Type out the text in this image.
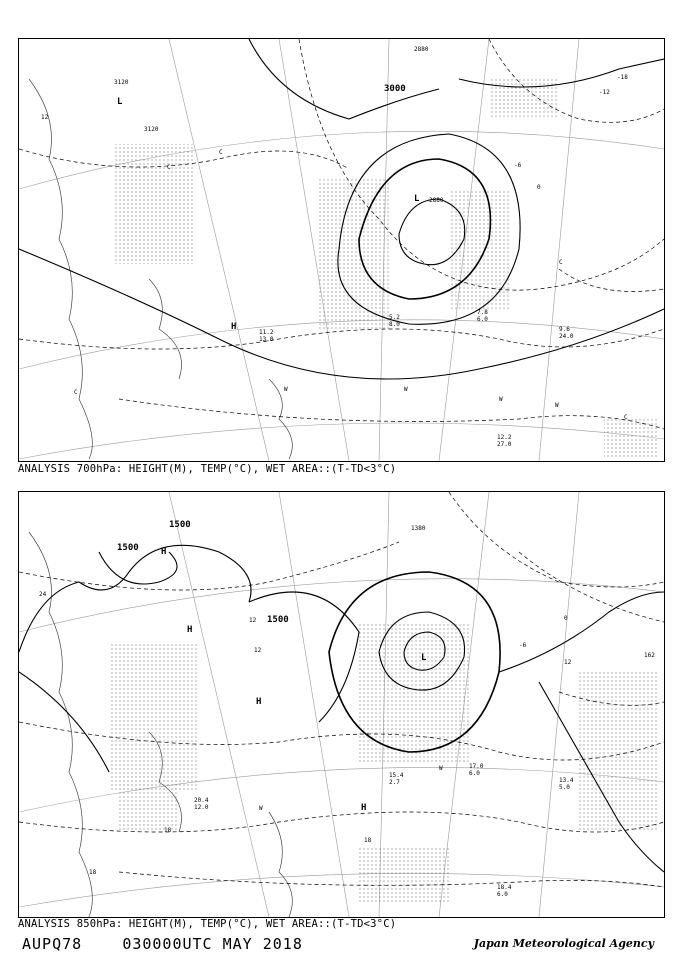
3120
3120
3000
2880
2880
12
-12
-18
0
-6
L
L
H
W
W
W
C
C
C
C
C
W
12.2
27.0
9.6
24.0
7.8
6.0
5.2
8.0
11.2
13.0
ANALYSIS 700hPa: HEIGHT(M), TEMP(°C), WET AREA::(T-TD<3°C)
1500
1500
1500
1380
0
-6
12
12
18
18
24
12
162
18
L
H
H
H
W
W	H
17.0
6.0
13.4
5.0
18.4
6.0
15.4
2.7
20.4
12.0
ANALYSIS 850hPa: HEIGHT(M), TEMP(°C), WET AREA::(T-TD<3°C)
AUPQ78	030000UTC MAY 2018	Japan Meteorological Agency
